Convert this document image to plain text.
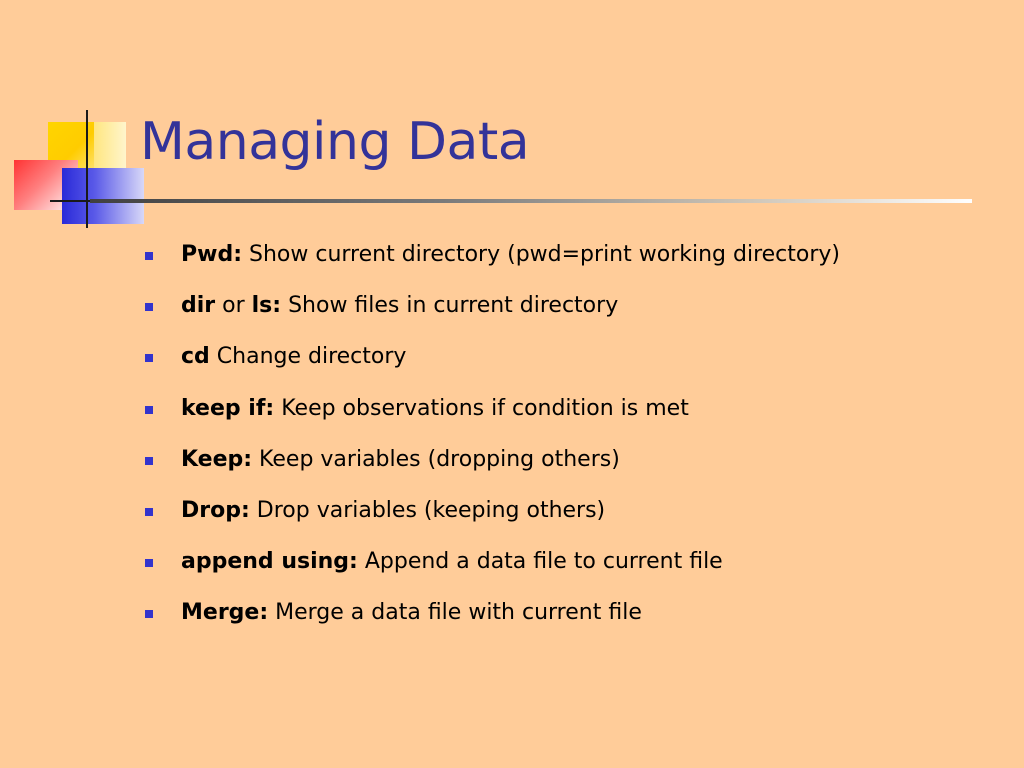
Managing Data
Pwd: Show current directory (pwd=print working directory)
dir or ls: Show files in current directory
cd Change directory
keep if: Keep observations if condition is met
Keep: Keep variables (dropping others)
Drop: Drop variables (keeping others)
append using: Append a data file to current file
Merge: Merge a data file with current file
